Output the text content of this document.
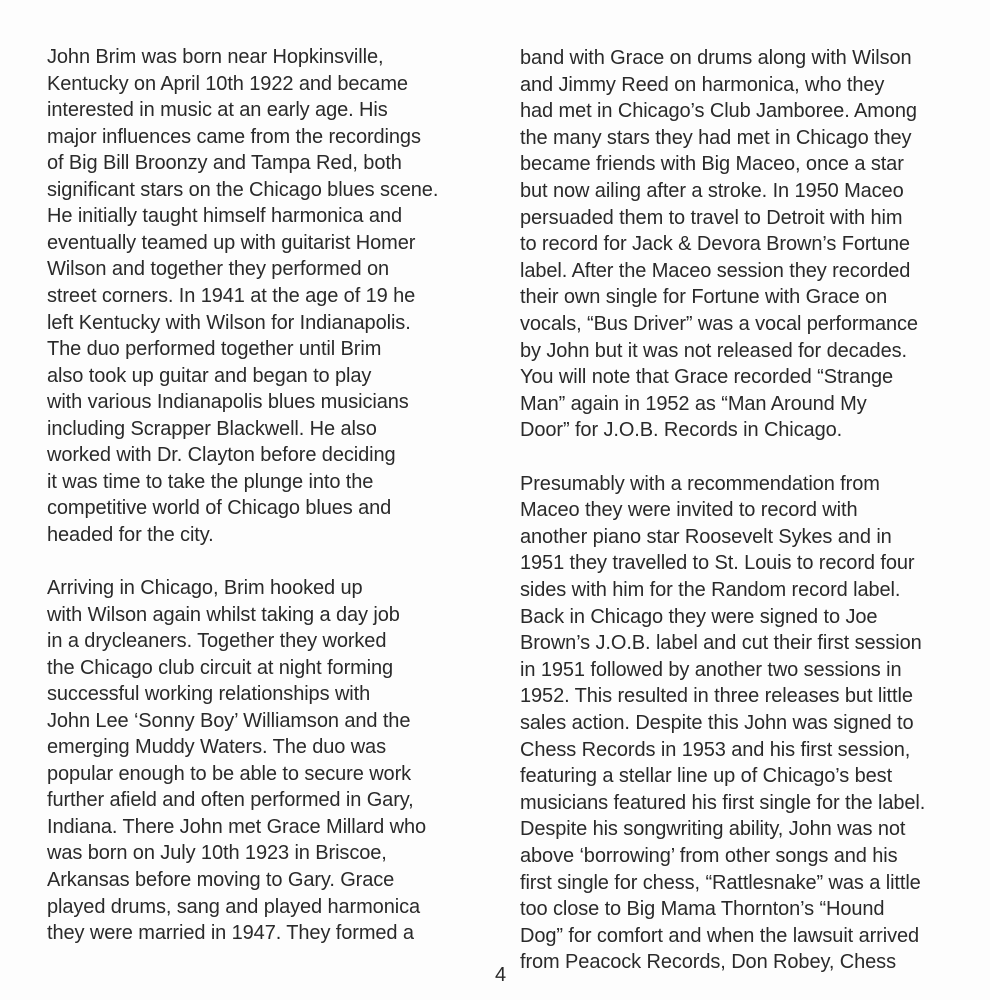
John Brim was born near Hopkinsville,
Kentucky on April 10th 1922 and became
interested in music at an early age. His
major influences came from the recordings
of Big Bill Broonzy and Tampa Red, both
significant stars on the Chicago blues scene.
He initially taught himself harmonica and
eventually teamed up with guitarist Homer
Wilson and together they performed on
street corners. In 1941 at the age of 19 he
left Kentucky with Wilson for Indianapolis.
The duo performed together until Brim
also took up guitar and began to play
with various Indianapolis blues musicians
including Scrapper Blackwell. He also
worked with Dr. Clayton before deciding
it was time to take the plunge into the
competitive world of Chicago blues and
headed for the city.
Arriving in Chicago, Brim hooked up
with Wilson again whilst taking a day job
in a drycleaners. Together they worked
the Chicago club circuit at night forming
successful working relationships with
John Lee ‘Sonny Boy’ Williamson and the
emerging Muddy Waters. The duo was
popular enough to be able to secure work
further afield and often performed in Gary,
Indiana. There John met Grace Millard who
was born on July 10th 1923 in Briscoe,
Arkansas before moving to Gary. Grace
played drums, sang and played harmonica
they were married in 1947. They formed a
band with Grace on drums along with Wilson
and Jimmy Reed on harmonica, who they
had met in Chicago’s Club Jamboree. Among
the many stars they had met in Chicago they
became friends with Big Maceo, once a star
but now ailing after a stroke. In 1950 Maceo
persuaded them to travel to Detroit with him
to record for Jack & Devora Brown’s Fortune
label. After the Maceo session they recorded
their own single for Fortune with Grace on
vocals, “Bus Driver” was a vocal performance
by John but it was not released for decades.
You will note that Grace recorded “Strange
Man” again in 1952 as “Man Around My
Door” for J.O.B. Records in Chicago.
Presumably with a recommendation from
Maceo they were invited to record with
another piano star Roosevelt Sykes and in
1951 they travelled to St. Louis to record four
sides with him for the Random record label.
Back in Chicago they were signed to Joe
Brown’s J.O.B. label and cut their first session
in 1951 followed by another two sessions in
1952. This resulted in three releases but little
sales action. Despite this John was signed to
Chess Records in 1953 and his first session,
featuring a stellar line up of Chicago’s best
musicians featured his first single for the label.
Despite his songwriting ability, John was not
above ‘borrowing’ from other songs and his
first single for chess, “Rattlesnake” was a little
too close to Big Mama Thornton’s “Hound
Dog” for comfort and when the lawsuit arrived
from Peacock Records, Don Robey, Chess
4
